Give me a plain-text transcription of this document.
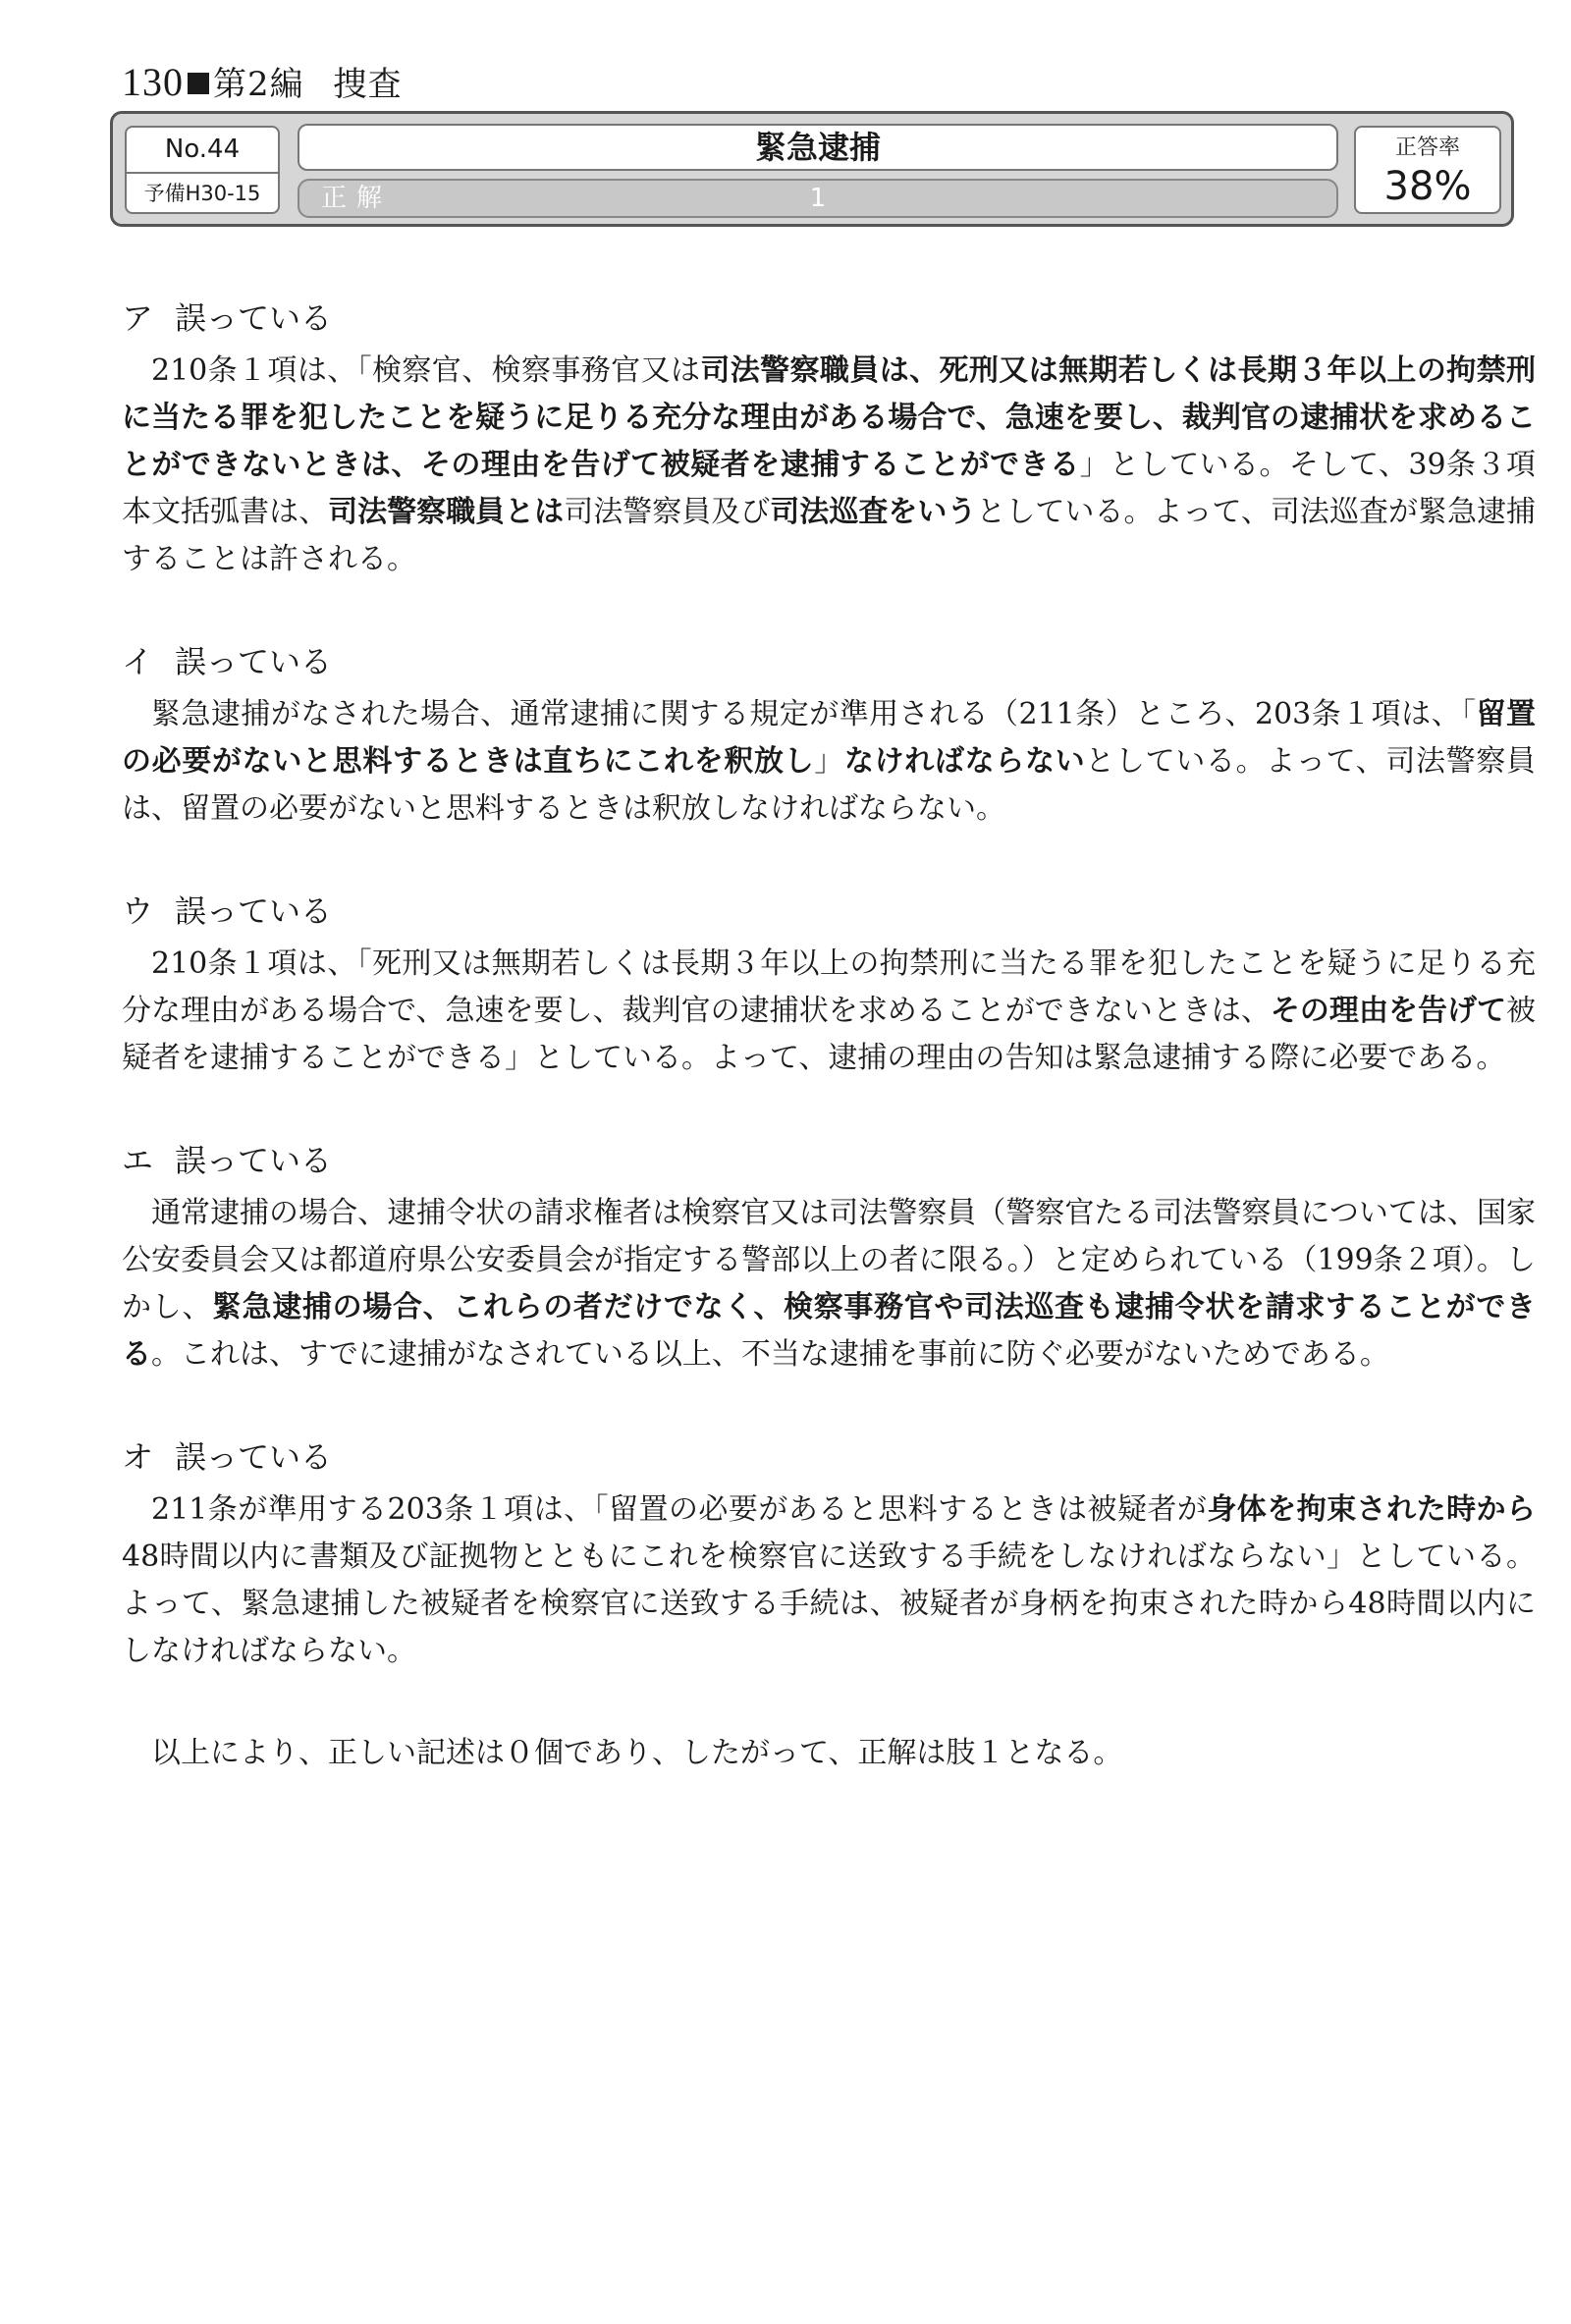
130 第2編 捜査
No.44
予備H30-15
緊急逮捕
正解	1
正答率
38%
ア 誤っている

210条１項は、「検察官、検察事務官又は司法警察職員は、死刑又は無期若しくは長期３年以上の拘禁刑に当たる罪を犯したことを疑うに足りる充分な理由がある場合で、急速を要し、裁判官の逮捕状を求めることができないときは、その理由を告げて被疑者を逮捕することができる」としている。そして、39条３項本文括弧書は、司法警察職員とは司法警察員及び司法巡査をいうとしている。よって、司法巡査が緊急逮捕することは許される。

イ 誤っている

緊急逮捕がなされた場合、通常逮捕に関する規定が準用される（211条）ところ、203条１項は、「留置の必要がないと思料するときは直ちにこれを釈放し」なければならないとしている。よって、司法警察員は、留置の必要がないと思料するときは釈放しなければならない。

ウ 誤っている

210条１項は、「死刑又は無期若しくは長期３年以上の拘禁刑に当たる罪を犯したことを疑うに足りる充分な理由がある場合で、急速を要し、裁判官の逮捕状を求めることができないときは、その理由を告げて被疑者を逮捕することができる」としている。よって、逮捕の理由の告知は緊急逮捕する際に必要である。

エ 誤っている

通常逮捕の場合、逮捕令状の請求権者は検察官又は司法警察員（警察官たる司法警察員については、国家公安委員会又は都道府県公安委員会が指定する警部以上の者に限る。）と定められている（199条２項）。しかし、緊急逮捕の場合、これらの者だけでなく、検察事務官や司法巡査も逮捕令状を請求することができる。これは、すでに逮捕がなされている以上、不当な逮捕を事前に防ぐ必要がないためである。

オ 誤っている

211条が準用する203条１項は、「留置の必要があると思料するときは被疑者が身体を拘束された時から48時間以内に書類及び証拠物とともにこれを検察官に送致する手続をしなければならない」としている。よって、緊急逮捕した被疑者を検察官に送致する手続は、被疑者が身柄を拘束された時から48時間以内にしなければならない。

以上により、正しい記述は０個であり、したがって、正解は肢１となる。
